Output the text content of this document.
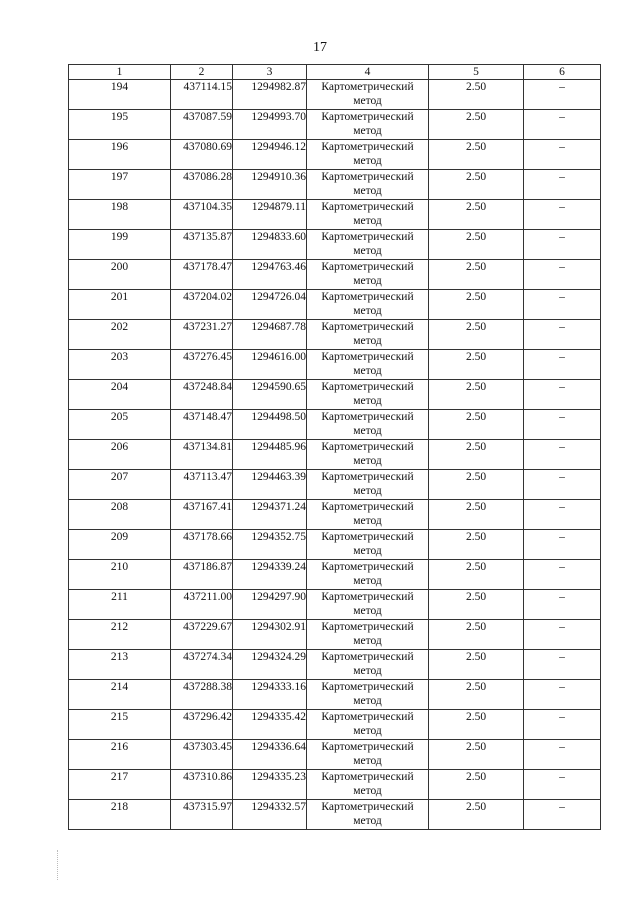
17
1	2	3	4	5	6
194	437114.15	1294982.87	Картометрический метод	2.50	–
195	437087.59	1294993.70	Картометрический метод	2.50	–
196	437080.69	1294946.12	Картометрический метод	2.50	–
197	437086.28	1294910.36	Картометрический метод	2.50	–
198	437104.35	1294879.11	Картометрический метод	2.50	–
199	437135.87	1294833.60	Картометрический метод	2.50	–
200	437178.47	1294763.46	Картометрический метод	2.50	–
201	437204.02	1294726.04	Картометрический метод	2.50	–
202	437231.27	1294687.78	Картометрический метод	2.50	–
203	437276.45	1294616.00	Картометрический метод	2.50	–
204	437248.84	1294590.65	Картометрический метод	2.50	–
205	437148.47	1294498.50	Картометрический метод	2.50	–
206	437134.81	1294485.96	Картометрический метод	2.50	–
207	437113.47	1294463.39	Картометрический метод	2.50	–
208	437167.41	1294371.24	Картометрический метод	2.50	–
209	437178.66	1294352.75	Картометрический метод	2.50	–
210	437186.87	1294339.24	Картометрический метод	2.50	–
211	437211.00	1294297.90	Картометрический метод	2.50	–
212	437229.67	1294302.91	Картометрический метод	2.50	–
213	437274.34	1294324.29	Картометрический метод	2.50	–
214	437288.38	1294333.16	Картометрический метод	2.50	–
215	437296.42	1294335.42	Картометрический метод	2.50	–
216	437303.45	1294336.64	Картометрический метод	2.50	–
217	437310.86	1294335.23	Картометрический метод	2.50	–
218	437315.97	1294332.57	Картометрический метод	2.50	–
